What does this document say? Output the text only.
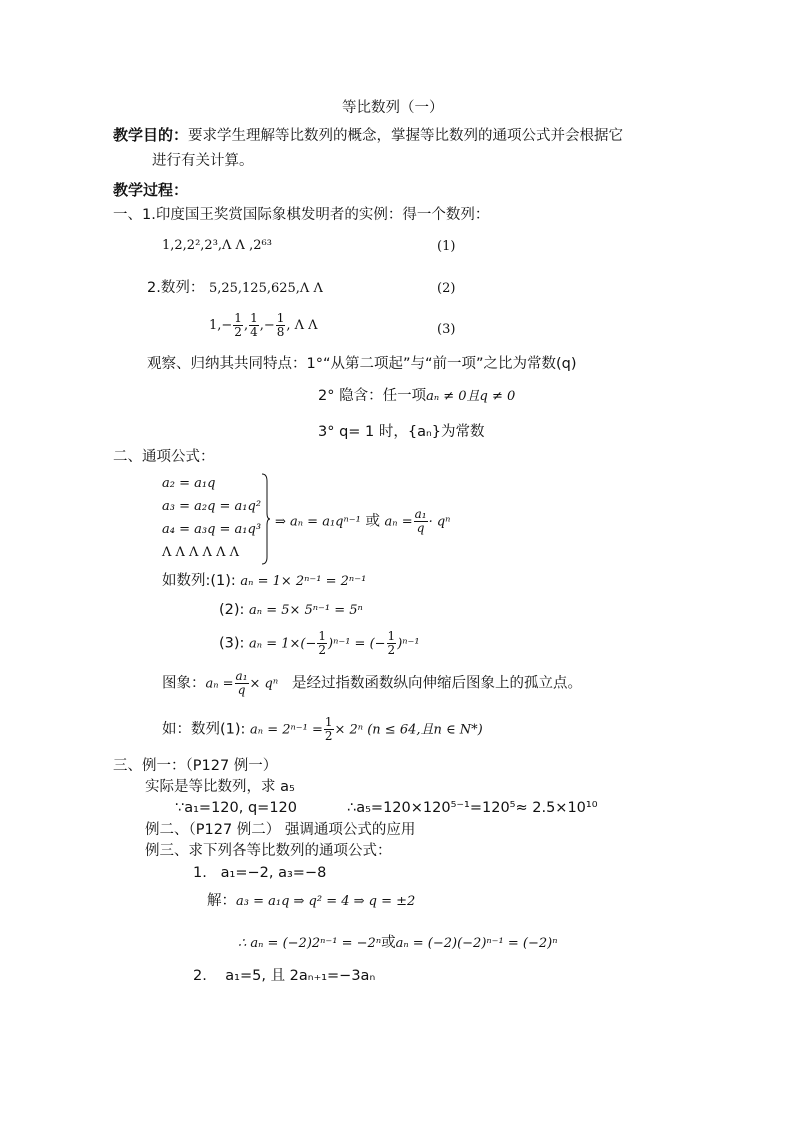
等比数列（一）
教学目的：要求学生理解等比数列的概念，掌握等比数列的通项公式并会根据它
进行有关计算。
教学过程：
一、1.印度国王奖赏国际象棋发明者的实例：得一个数列：
1,2,2²,2³,Λ Λ ,2⁶³	(1)
2.数列： 5,25,125,625,Λ Λ	(2)
$1,- \frac{1}{2}$ , $\frac{1}{4}$ ,− $\frac{1}{8}$ , Λ Λ	(3)
观察、归纳其共同特点：1°“从第二项起”与“前一项”之比为常数(q)
2° 隐含：任一项aₙ ≠ 0且q ≠ 0
3° q= 1 时，{aₙ}为常数
二、通项公式：
a₂ = a₁q
a₃ = a₂q = a₁q²
a₄ = a₃q = a₁q³
Λ Λ Λ Λ Λ Λ
⇒ aₙ = a₁qⁿ⁻¹ 或 $a_n = \frac{\text{a₁}}{q} \cdot q^n$
如数列:(1): aₙ = 1× 2ⁿ⁻¹ = 2ⁿ⁻¹
(2): aₙ = 5× 5ⁿ⁻¹ = 5ⁿ
(3): $a_n = 1\times(- \frac{1}{2} )^{n-1}$ = (− $\frac{1}{2} )^{n-1}$
图象：$a_n = \frac{\text{a₁}}{q} \times q^n$ 是经过指数函数纵向伸缩后图象上的孤立点。
如：数列(1): $a_n = 2^{n-1} = \frac{1}{2} \times 2^n$ (n ≤ 64,且n ∈ N*)
三、例一：（P127 例一）
实际是等比数列，求 a₅
∵a₁=120, q=120	∴a₅=120×120⁵⁻¹=120⁵≈ 2.5×10¹⁰
例二、（P127 例二） 强调通项公式的应用
例三、求下列各等比数列的通项公式：
1. a₁=−2, a₃=−8
解：a₃ = a₁q ⇒ q² = 4 ⇒ q = ±2
∴ aₙ = (−2)2ⁿ⁻¹ = −2ⁿ或aₙ = (−2)(−2)ⁿ⁻¹ = (−2)ⁿ
2. a₁=5, 且 2aₙ₊₁=−3aₙ
